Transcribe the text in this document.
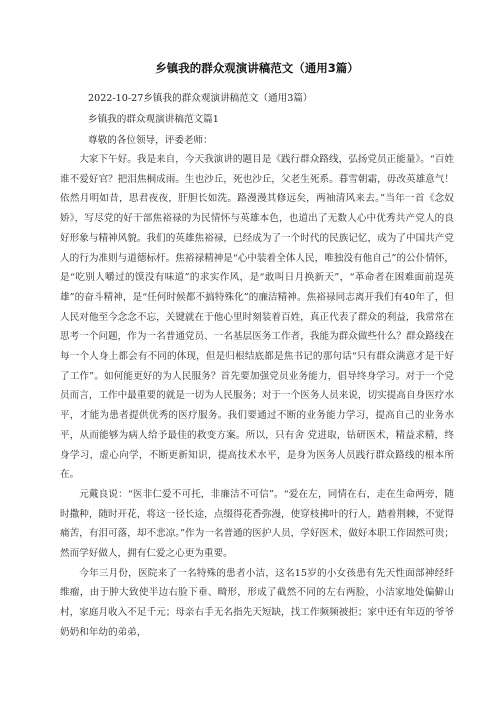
乡镇我的群众观演讲稿范文（通用3篇）
2022-10-27乡镇我的群众观演讲稿范文（通用3篇）
乡镇我的群众观演讲稿范文篇1
尊敬的各位领导，评委老师：

大家下午好。我是来自，今天我演讲的题目是《践行群众路线，弘扬党员正能量》。“百姓谁不爱好官？把泪焦桐成雨。生也沙丘，死也沙丘，父老生死系。暮雪朝霜，毋改英雄意气！依然月明如昔，思君夜夜，肝胆长如洗。路漫漫其修远矣，两袖清风来去。”当年一首《念奴娇》，写尽党的好干部焦裕禄的为民情怀与英雄本色，也道出了无数人心中优秀共产党人的良好形象与精神风貌。我们的英雄焦裕禄，已经成为了一个时代的民族记忆，成为了中国共产党人的行为准则与道德标杆。焦裕禄精神是“心中装着全体人民，唯独没有他自己”的公仆情怀，是“吃别人嚼过的馍没有味道”的求实作风，是“敢叫日月换新天”，“革命者在困难面前逞英雄”的奋斗精神，是“任何时候都不搞特殊化”的廉洁精神。焦裕禄同志离开我们有40年了，但人民对他至今念念不忘，关键就在于他心里时刻装着百姓，真正代表了群众的利益，我常常在思考一个问题，作为一名普通党员、一名基层医务工作者，我能为群众做些什么？群众路线在每一个人身上都会有不同的体现，但是归根结底都是焦书记的那句话“只有群众满意才是干好了工作”。如何能更好的为人民服务？首先要加强党员业务能力，倡导终身学习。对于一个党员而言，工作中最重要的就是一切为人民服务；对于一个医务人员来说，切实提高自身医疗水平，才能为患者提供优秀的医疗服务。我们要通过不断的业务能力学习，提高自己的业务水平，从而能够为病人给予最佳的救变方案。所以，只有舍 党进取，钻研医术，精益求精，终身学习，虚心向学，不断更新知识，提高技术水平，是身为医务人员践行群众路线的根本所在。

元戴良说：“医非仁爱不可托，非廉洁不可信”。“爱在左，同情在右，走在生命两旁，随时撒种，随时开花，将这一径长途，点缀得花香弥漫，使穿枝拂叶的行人，踏着荆棘，不觉得痛苦，有泪可落，却不悲凉。”作为一名普通的医护人员，学好医术，做好本职工作固然可贵；然而学好做人，拥有仁爱之心更为重要。

今年三月份，医院来了一名特殊的患者小洁，这名15岁的小女孩患有先天性面部神经纤维瘤，由于肿大致使半边右脸下垂、畸形，形成了截然不同的左右两脸，小洁家地处偏僻山村，家庭月收入不足千元；母亲右手无名指先天短缺，找工作频频被拒；家中还有年迈的爷爷奶奶和年幼的弟弟，
